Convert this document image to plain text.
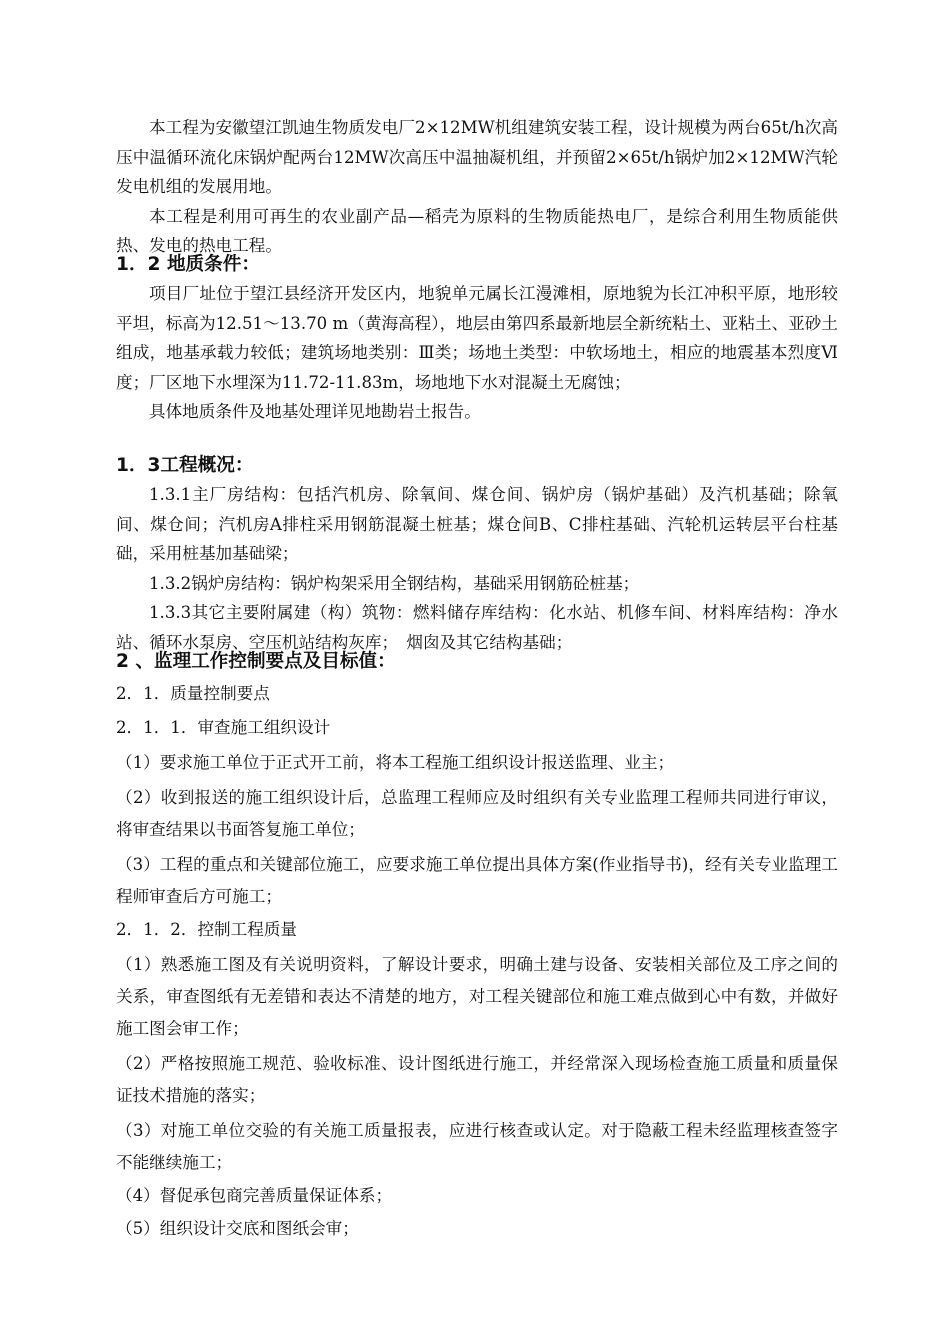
本工程为安徽望江凯迪生物质发电厂2×12MW机组建筑安装工程，设计规模为两台65t/h次高压中温循环流化床锅炉配两台12MW次高压中温抽凝机组，并预留2×65t/h锅炉加2×12MW汽轮发电机组的发展用地。

本工程是利用可再生的农业副产品—稻壳为原料的生物质能热电厂，是综合利用生物质能供热、发电的热电工程。

1．2 地质条件：

项目厂址位于望江县经济开发区内，地貌单元属长江漫滩相，原地貌为长江冲积平原，地形较平坦，标高为12.51～13.70 m（黄海高程），地层由第四系最新地层全新统粘土、亚粘土、亚砂土组成，地基承载力较低；建筑场地类别：Ⅲ类；场地土类型：中软场地土，相应的地震基本烈度Ⅵ度；厂区地下水埋深为11.72-11.83m，场地地下水对混凝土无腐蚀；

具体地质条件及地基处理详见地勘岩土报告。

1．3工程概况：

1.3.1主厂房结构：包括汽机房、除氧间、煤仓间、锅炉房（锅炉基础）及汽机基础；除氧间、煤仓间；汽机房A排柱采用钢筋混凝土桩基；煤仓间B、C排柱基础、汽轮机运转层平台柱基础，采用桩基加基础梁；

1.3.2锅炉房结构：锅炉构架采用全钢结构，基础采用钢筋砼桩基；

1.3.3其它主要附属建（构）筑物：燃料储存库结构：化水站、机修车间、材料库结构：净水站、循环水泵房、空压机站结构灰库；　烟囱及其它结构基础；

2 、监理工作控制要点及目标值：

2．1．质量控制要点

2．1．1．审查施工组织设计

（1）要求施工单位于正式开工前，将本工程施工组织设计报送监理、业主；

（2）收到报送的施工组织设计后，总监理工程师应及时组织有关专业监理工程师共同进行审议，将审查结果以书面答复施工单位；

（3）工程的重点和关键部位施工，应要求施工单位提出具体方案(作业指导书)，经有关专业监理工程师审查后方可施工；

2．1．2．控制工程质量

（1）熟悉施工图及有关说明资料，了解设计要求，明确土建与设备、安装相关部位及工序之间的关系，审查图纸有无差错和表达不清楚的地方，对工程关键部位和施工难点做到心中有数，并做好施工图会审工作；

（2）严格按照施工规范、验收标准、设计图纸进行施工，并经常深入现场检查施工质量和质量保证技术措施的落实；

（3）对施工单位交验的有关施工质量报表，应进行核查或认定。对于隐蔽工程未经监理核查签字不能继续施工；

（4）督促承包商完善质量保证体系；

（5）组织设计交底和图纸会审；
